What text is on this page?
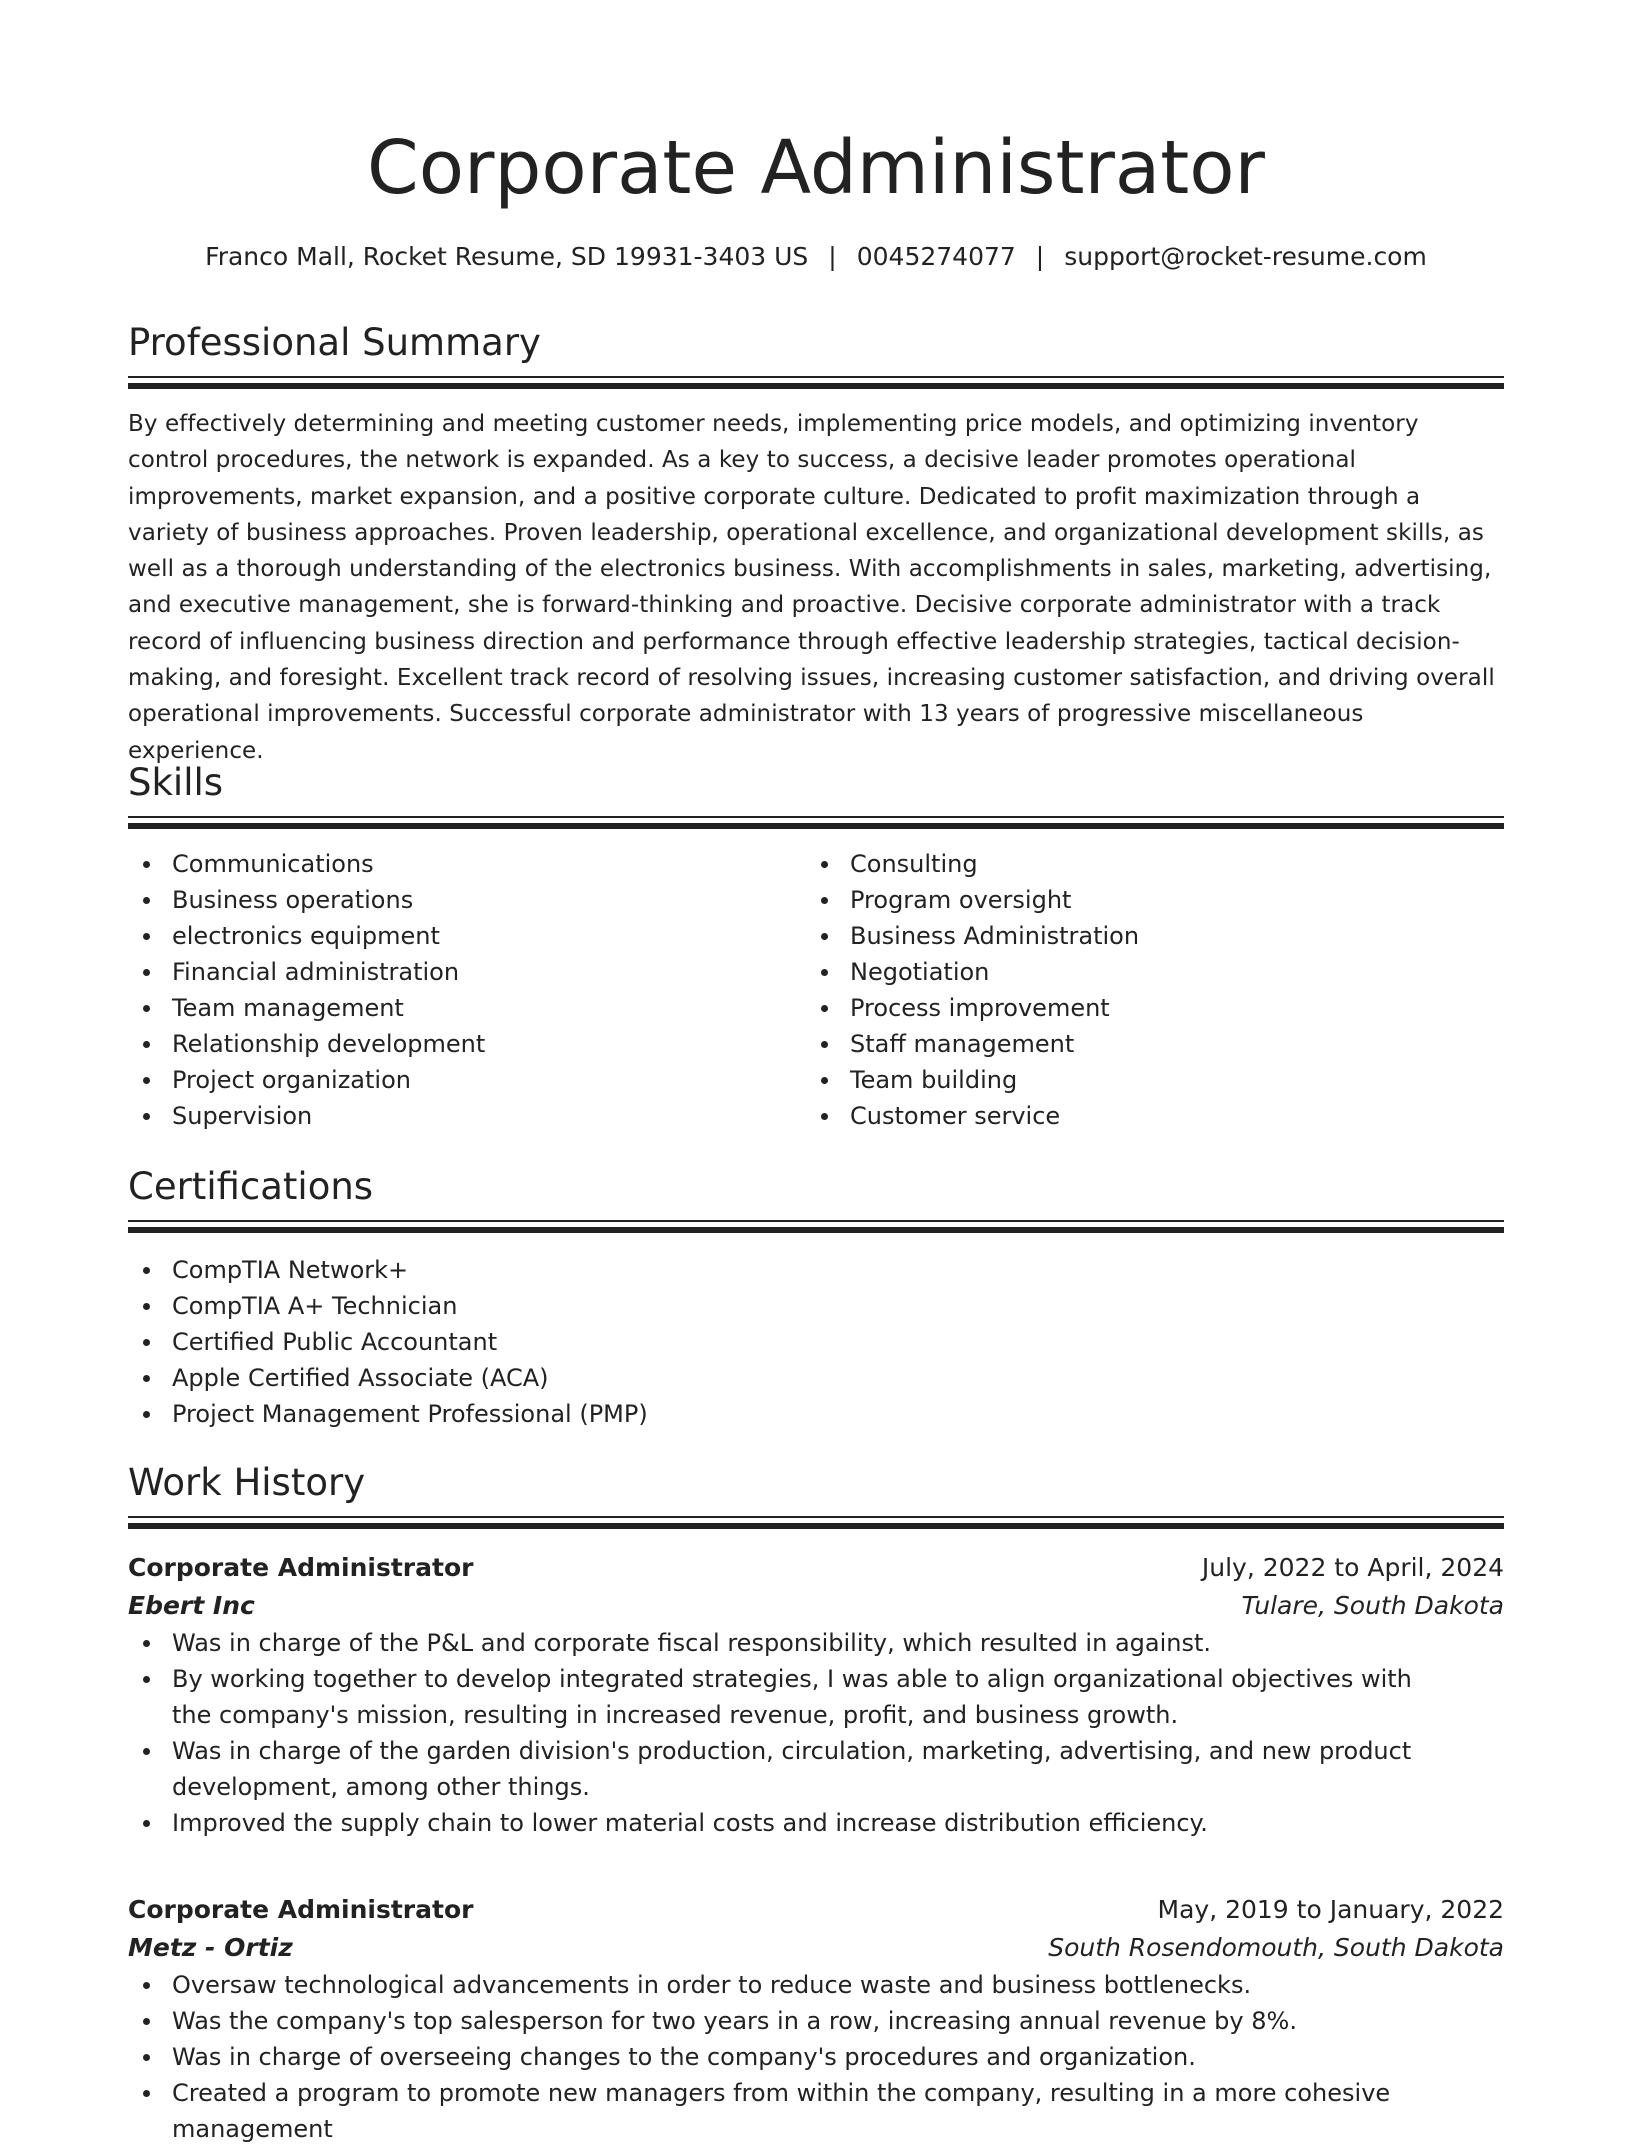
Corporate Administrator
Franco Mall, Rocket Resume, SD 19931-3403 US | 0045274077 | support@rocket-resume.com
Professional Summary
By effectively determining and meeting customer needs, implementing price models, and optimizing inventory control procedures, the network is expanded. As a key to success, a decisive leader promotes operational improvements, market expansion, and a positive corporate culture. Dedicated to profit maximization through a variety of business approaches. Proven leadership, operational excellence, and organizational development skills, as well as a thorough understanding of the electronics business. With accomplishments in sales, marketing, advertising, and executive management, she is forward-thinking and proactive. Decisive corporate administrator with a track record of influencing business direction and performance through effective leadership strategies, tactical decision-making, and foresight. Excellent track record of resolving issues, increasing customer satisfaction, and driving overall operational improvements. Successful corporate administrator with 13 years of progressive miscellaneous experience.
Skills
Communications
Business operations
electronics equipment
Financial administration
Team management
Relationship development
Project organization
Supervision
Consulting
Program oversight
Business Administration
Negotiation
Process improvement
Staff management
Team building
Customer service
Certifications
CompTIA Network+
CompTIA A+ Technician
Certified Public Accountant
Apple Certified Associate (ACA)
Project Management Professional (PMP)
Work History
Corporate Administrator	July, 2022 to April, 2024
Ebert Inc	Tulare, South Dakota
Was in charge of the P&L and corporate fiscal responsibility, which resulted in against.
By working together to develop integrated strategies, I was able to align organizational objectives with the company's mission, resulting in increased revenue, profit, and business growth.
Was in charge of the garden division's production, circulation, marketing, advertising, and new product development, among other things.
Improved the supply chain to lower material costs and increase distribution efficiency.
Corporate Administrator	May, 2019 to January, 2022
Metz - Ortiz	South Rosendomouth, South Dakota
Oversaw technological advancements in order to reduce waste and business bottlenecks.
Was the company's top salesperson for two years in a row, increasing annual revenue by 8%.
Was in charge of overseeing changes to the company's procedures and organization.
Created a program to promote new managers from within the company, resulting in a more cohesive management
